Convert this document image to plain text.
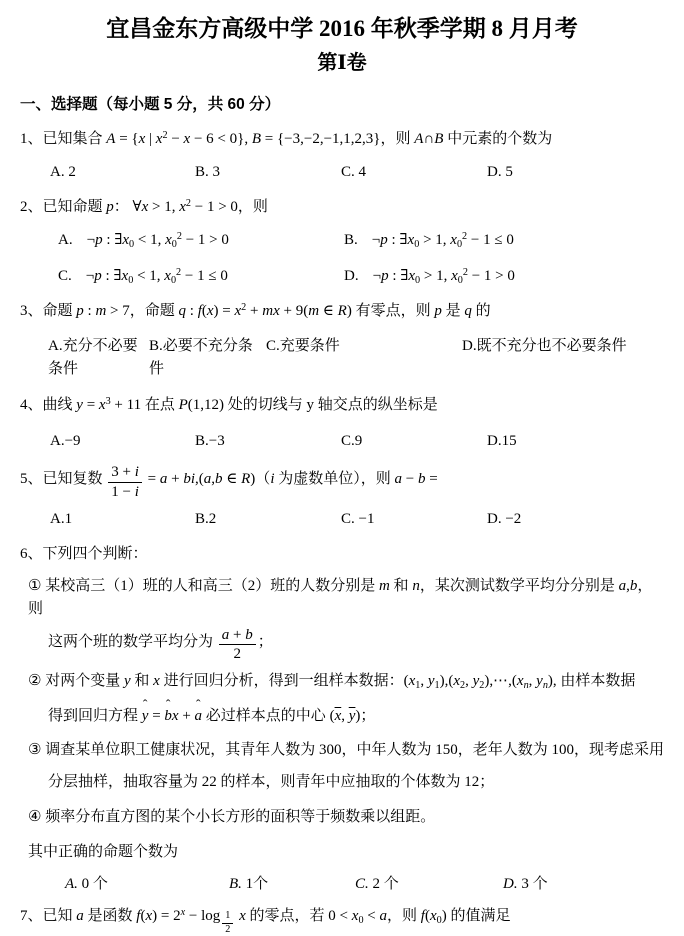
宜昌金东方高级中学 2016 年秋季学期 8 月月考
第Ⅰ卷
一、选择题（每小题 5 分，共 60 分）
1、已知集合 A = {x | $x^2 - x - 6 < 0$}, B = {−3,−2,−1,1,2,3}，则 A∩B 中元素的个数为
A. 2	B. 3	C. 4	D. 5
2、已知命题 p： ∀x > 1, $x^2 - 1 > 0$，则
A. ¬p : $\exists x_0 < 1$, $x_0^2 - 1 > 0$	B. ¬p : $\exists x_0 > 1$, $x_0^2 - 1 \le 0$
C. ¬p : $\exists x_0 < 1$, $x_0^2 - 1 \le 0$	D. ¬p : $\exists x_0 > 1$, $x_0^2 - 1 > 0$
3、命题 p : m > 7，命题 q : $f(x) = x^2$ + mx + 9(m ∈ R) 有零点，则 p 是 q 的
A.充分不必要条件
B.必要不充分条件
C.充要条件	D.既不充分也不必要条件
4、曲线 $y = x^3 + 11$ 在点 P(1,12) 处的切线与 y 轴交点的纵坐标是
A.−9	B.−3	C.9	D.15
5、已知复数 $\frac{3 + i}{1 - i} = a + bi,(a,b$ ∈ R)（i 为虚数单位），则 a − b =
A.1	B.2	C. −1	D. −2
6、下列四个判断：
① 某校高三（1）班的人和高三（2）班的人数分别是 m 和 n，某次测试数学平均分分别是 a,b，则
这两个班的数学平均分为 $\frac{a + b}{2}$ ；
② 对两个变量 y 和 x 进行回归分析，得到一组样本数据：($x_1$, $y_1),(x_2$, $y_2),\cdots,(x_n$, $y_n$), 由样本数据
得到回归方程
ˆ
y =
ˆ
bx +
ˆ
a 必过样本点的中心 ($\overline{x}$, $\overline{y}$)；
③ 调查某单位职工健康状况，其青年人数为 300，中年人数为 150，老年人数为 100，现考虑采用
分层抽样，抽取容量为 22 的样本，则青年中应抽取的个体数为 12；
④ 频率分布直方图的某个小长方形的面积等于频数乘以组距。
其中正确的命题个数为
A. 0 个	B. 1个	C. 2 个	D. 3 个
7、已知 a 是函数 $f(x) = 2^x - \log _{\frac{1}{2}}$ x 的零点，若 $0 < x_0 < a$，则 $f(x_0)$ 的值满足
